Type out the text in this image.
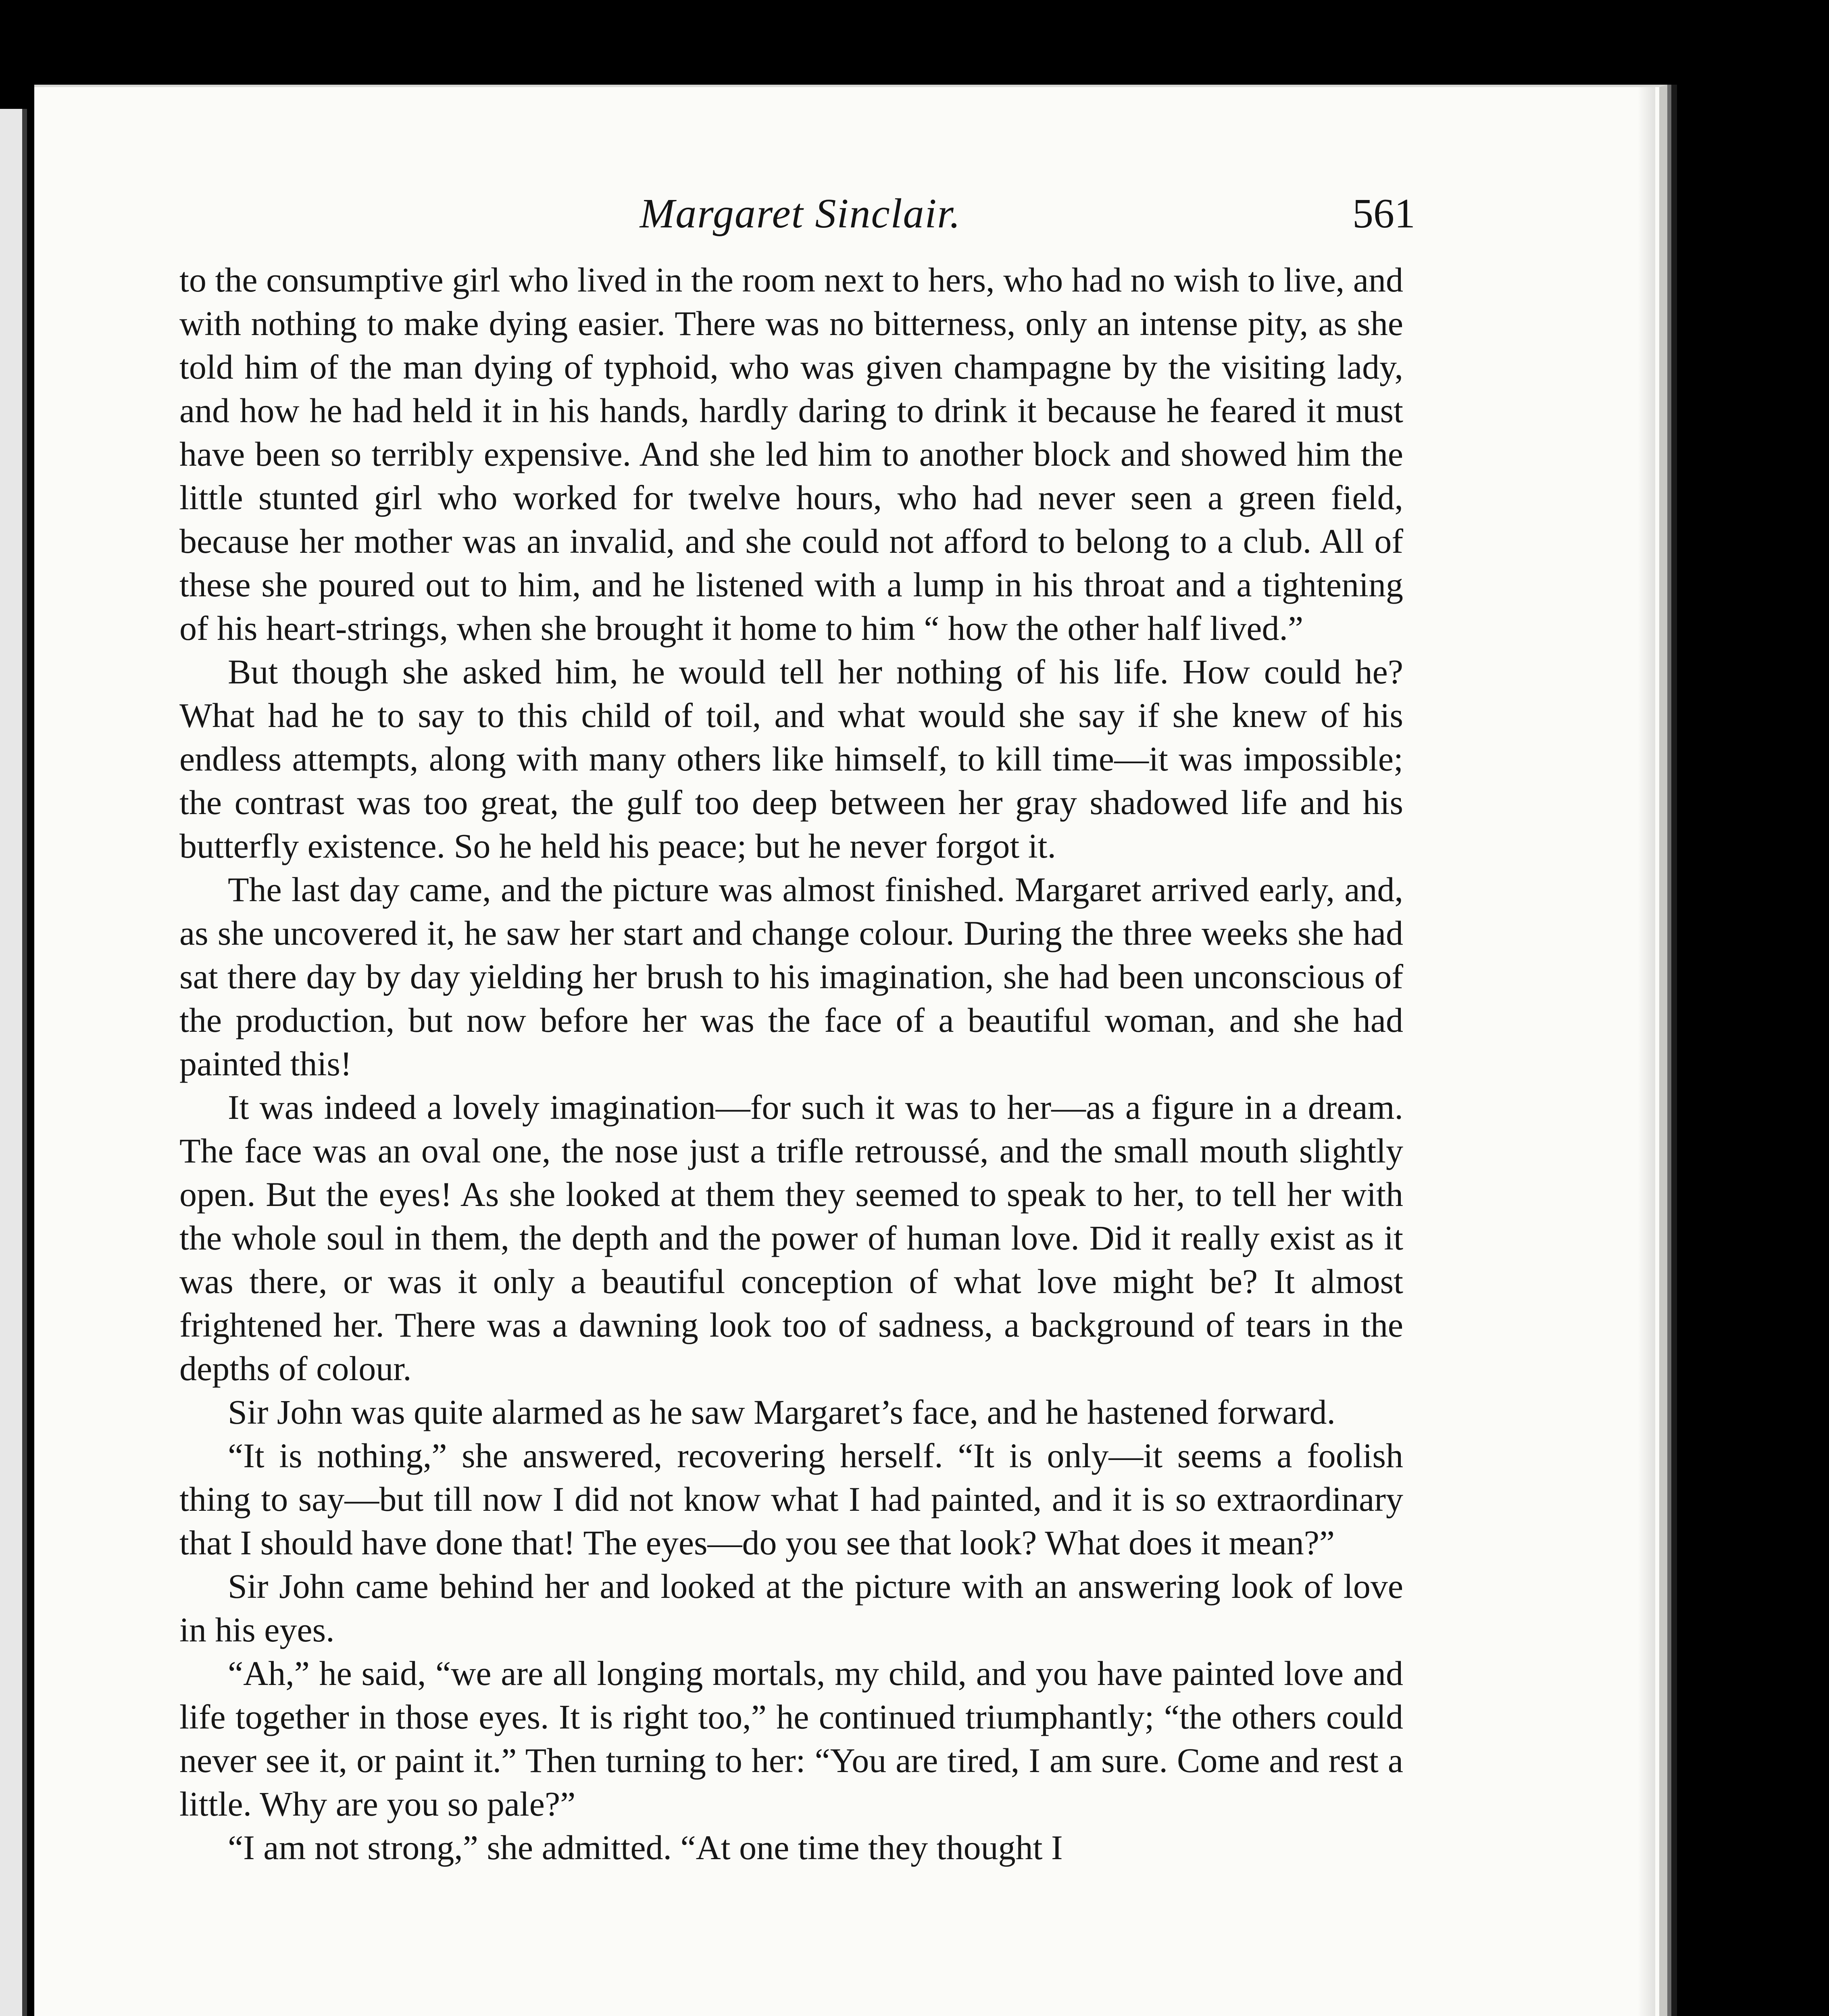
Margaret Sinclair.	561

to the consumptive girl who lived in the room next to hers, who had no wish to live, and with nothing to make dying easier. There was no bitterness, only an intense pity, as she told him of the man dying of typhoid, who was given champagne by the visiting lady, and how he had held it in his hands, hardly daring to drink it because he feared it must have been so terribly expensive. And she led him to another block and showed him the little stunted girl who worked for twelve hours, who had never seen a green field, because her mother was an invalid, and she could not afford to belong to a club. All of these she poured out to him, and he listened with a lump in his throat and a tightening of his heart-strings, when she brought it home to him “ how the other half lived.”

But though she asked him, he would tell her nothing of his life. How could he? What had he to say to this child of toil, and what would she say if she knew of his endless attempts, along with many others like himself, to kill time—it was impossible; the contrast was too great, the gulf too deep between her gray shadowed life and his butterfly existence. So he held his peace; but he never forgot it.

The last day came, and the picture was almost finished. Margaret arrived early, and, as she uncovered it, he saw her start and change colour. During the three weeks she had sat there day by day yielding her brush to his imagination, she had been unconscious of the production, but now before her was the face of a beautiful woman, and she had painted this!

It was indeed a lovely imagination—for such it was to her—as a figure in a dream. The face was an oval one, the nose just a trifle retroussé, and the small mouth slightly open. But the eyes! As she looked at them they seemed to speak to her, to tell her with the whole soul in them, the depth and the power of human love. Did it really exist as it was there, or was it only a beautiful conception of what love might be? It almost frightened her. There was a dawning look too of sadness, a background of tears in the depths of colour.

Sir John was quite alarmed as he saw Margaret’s face, and he hastened forward.

“It is nothing,” she answered, recovering herself. “It is only—it seems a foolish thing to say—but till now I did not know what I had painted, and it is so extraordinary that I should have done that! The eyes—do you see that look? What does it mean?”

Sir John came behind her and looked at the picture with an answering look of love in his eyes.

“Ah,” he said, “we are all longing mortals, my child, and you have painted love and life together in those eyes. It is right too,” he continued triumphantly; “the others could never see it, or paint it.” Then turning to her: “You are tired, I am sure. Come and rest a little. Why are you so pale?”

“I am not strong,” she admitted. “At one time they thought I
